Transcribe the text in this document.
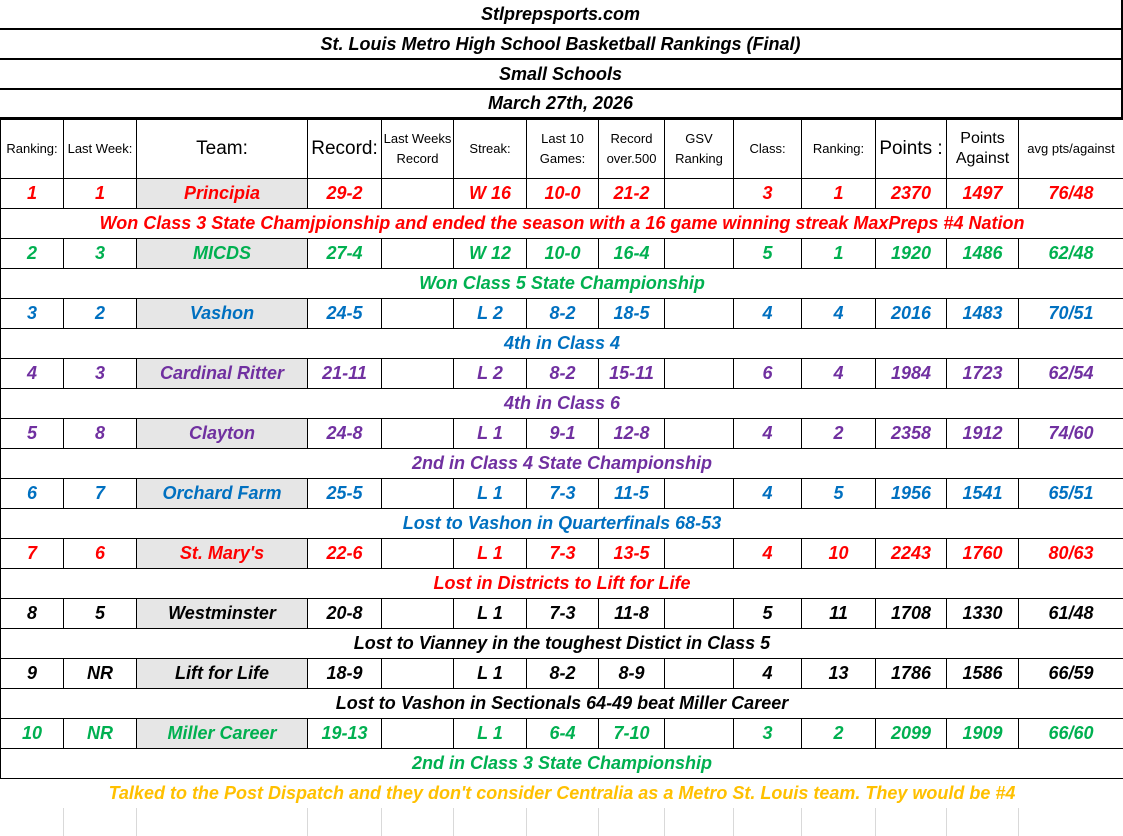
Stlprepsports.com
St. Louis Metro High School Basketball Rankings (Final)
Small Schools
March 27th, 2026
Ranking:	Last Week:	Team:	Record:	Last Weeks Record	Streak:	Last 10 Games:	Record over.500	GSV Ranking	Class:	Ranking:	Points :	Points Against	avg pts/against
1	1	Principia	29-2		W 16	10-0	21-2		3	1	2370	1497	76/48
Won Class 3 State Chamjpionship and ended the season with a 16 game winning streak MaxPreps #4 Nation													
2	3	MICDS	27-4		W 12	10-0	16-4		5	1	1920	1486	62/48
Won Class 5 State Championship													
3	2	Vashon	24-5		L 2	8-2	18-5		4	4	2016	1483	70/51
4th in Class 4													
4	3	Cardinal Ritter	21-11		L 2	8-2	15-11		6	4	1984	1723	62/54
4th in Class 6													
5	8	Clayton	24-8		L 1	9-1	12-8		4	2	2358	1912	74/60
2nd in Class 4 State Championship													
6	7	Orchard Farm	25-5		L 1	7-3	11-5		4	5	1956	1541	65/51
Lost to Vashon in Quarterfinals 68-53													
7	6	St. Mary's	22-6		L 1	7-3	13-5		4	10	2243	1760	80/63
Lost in Districts to Lift for Life													
8	5	Westminster	20-8		L 1	7-3	11-8		5	11	1708	1330	61/48
Lost to Vianney in the toughest Distict in Class 5													
9	NR	Lift for Life	18-9		L 1	8-2	8-9		4	13	1786	1586	66/59
Lost to Vashon in Sectionals 64-49 beat Miller Career													
10	NR	Miller Career	19-13		L 1	6-4	7-10		3	2	2099	1909	66/60
2nd in Class 3 State Championship													
Talked to the Post Dispatch and they don't consider Centralia as a Metro St. Louis team. They would be #4													
